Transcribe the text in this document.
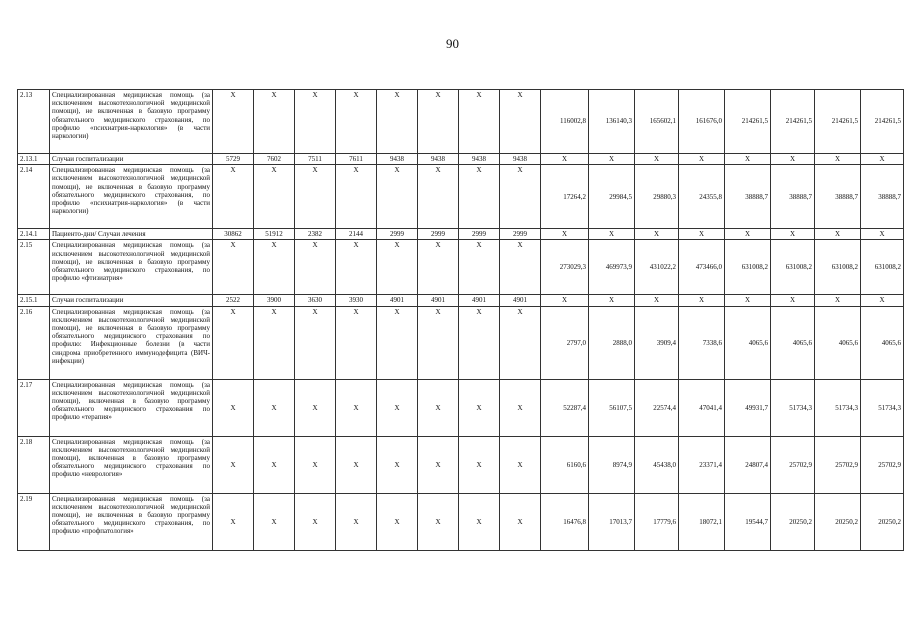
90
2.13	Специализированная медицинская помощь (за исключением высокотехнологичной медицинской помощи), не включенная в базовую программу обязательного медицинского страхования, по профилю «психиатрия-наркология» (в части наркологии)	X	X	X	X	X	X	X	X	116002,8	136140,3	165602,1	161676,0	214261,5	214261,5	214261,5	214261,5
2.13.1	Случаи госпитализации	5729	7602	7511	7611	9438	9438	9438	9438	X	X	X	X	X	X	X	X
2.14	Специализированная медицинская помощь (за исключением высокотехнологичной медицинской помощи), не включенная в базовую программу обязательного медицинского страхования, по профилю «психиатрия-наркология» (в части наркологии)	X	X	X	X	X	X	X	X	17264,2	29984,5	29880,3	24355,8	38888,7	38888,7	38888,7	38888,7
2.14.1	Пациенто-дни/ Случаи лечения	30862	51912	2382	2144	2999	2999	2999	2999	X	X	X	X	X	X	X	X
2.15	Специализированная медицинская помощь (за исключением высокотехнологичной медицинской помощи), не включенная в базовую программу обязательного медицинского страхования, по профилю «фтизиатрия»	X	X	X	X	X	X	X	X	273029,3	469973,9	431022,2	473466,0	631008,2	631008,2	631008,2	631008,2
2.15.1	Случаи госпитализации	2522	3900	3630	3930	4901	4901	4901	4901	X	X	X	X	X	X	X	X
2.16	Специализированная медицинская помощь (за исключением высокотехнологичной медицинской помощи), не включенная в базовую программу обязательного медицинского страхования по профилю: Инфекционные болезни (в части синдрома приобретенного иммунодефицита (ВИЧ-инфекции)	X	X	X	X	X	X	X	X	2797,0	2888,0	3909,4	7338,6	4065,6	4065,6	4065,6	4065,6
2.17	Специализированная медицинская помощь (за исключением высокотехнологичной медицинской помощи), включенная в базовую программу обязательного медицинского страхования по профилю «терапия»	X	X	X	X	X	X	X	X	52287,4	56107,5	22574,4	47041,4	49931,7	51734,3	51734,3	51734,3
2.18	Специализированная медицинская помощь (за исключением высокотехнологичной медицинской помощи), включенная в базовую программу обязательного медицинского страхования по профилю «неврология»	X	X	X	X	X	X	X	X	6160,6	8974,9	45438,0	23371,4	24807,4	25702,9	25702,9	25702,9
2.19	Специализированная медицинская помощь (за исключением высокотехнологичной медицинской помощи), не включенная в базовую программу обязательного медицинского страхования, по профилю «профпатология»	X	X	X	X	X	X	X	X	16476,8	17013,7	17779,6	18072,1	19544,7	20250,2	20250,2	20250,2
